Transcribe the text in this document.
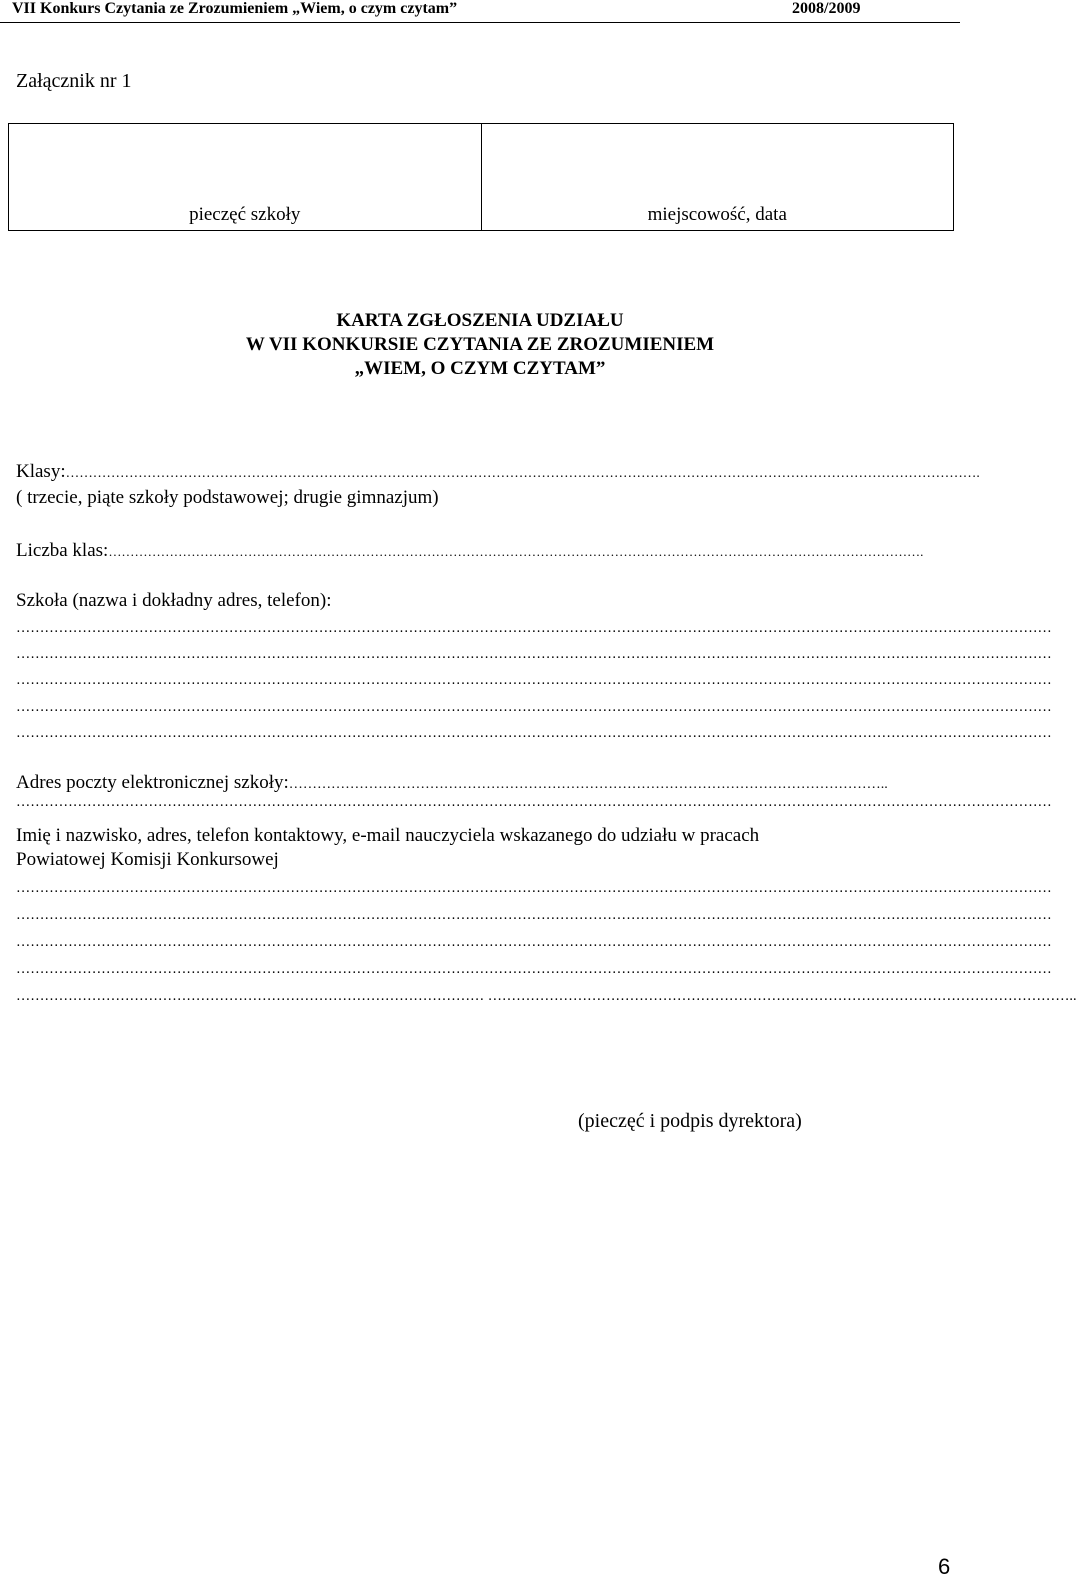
VII Konkurs Czytania ze Zrozumieniem „Wiem, o czym czytam”	2008/2009
Załącznik nr 1
pieczęć szkoły	miejscowość, data
KARTA ZGŁOSZENIA UDZIAŁU
W VII KONKURSIE CZYTANIA ZE ZROZUMIENIEM
„WIEM, O CZYM CZYTAM”
Klasy:………………………………………………………………………………………………………………………………………………………………………………….
( trzecie, piąte szkoły podstawowej; drugie gimnazjum)
Liczba klas:…………………………………………………………………………………………………………………………………………………………………….
Szkoła (nazwa i dokładny adres, telefon):
…………………………………………………………………………………………………………………………………………………………………………………………………
…………………………………………………………………………………………………………………………………………………………………………………………………
…………………………………………………………………………………………………………………………………………………………………………………………………
…………………………………………………………………………………………………………………………………………………………………………………………………
…………………………………………………………………………………………………………………………………………………………………………………………………
Adres poczty elektronicznej szkoły:………………………………………………………………………………………………………………..
…………………………………………………………………………………………………………………………………………………………………………………………………
Imię i nazwisko, adres, telefon kontaktowy, e-mail nauczyciela wskazanego do udziału w pracach
Powiatowej Komisji Konkursowej
…………………………………………………………………………………………………………………………………………………………………………………………………
…………………………………………………………………………………………………………………………………………………………………………………………………
…………………………………………………………………………………………………………………………………………………………………………………………………
…………………………………………………………………………………………………………………………………………………………………………………………………
……………………………………………………………………………………… ……………………………………………………………………………………………………………..
(pieczęć i podpis dyrektora)
6
